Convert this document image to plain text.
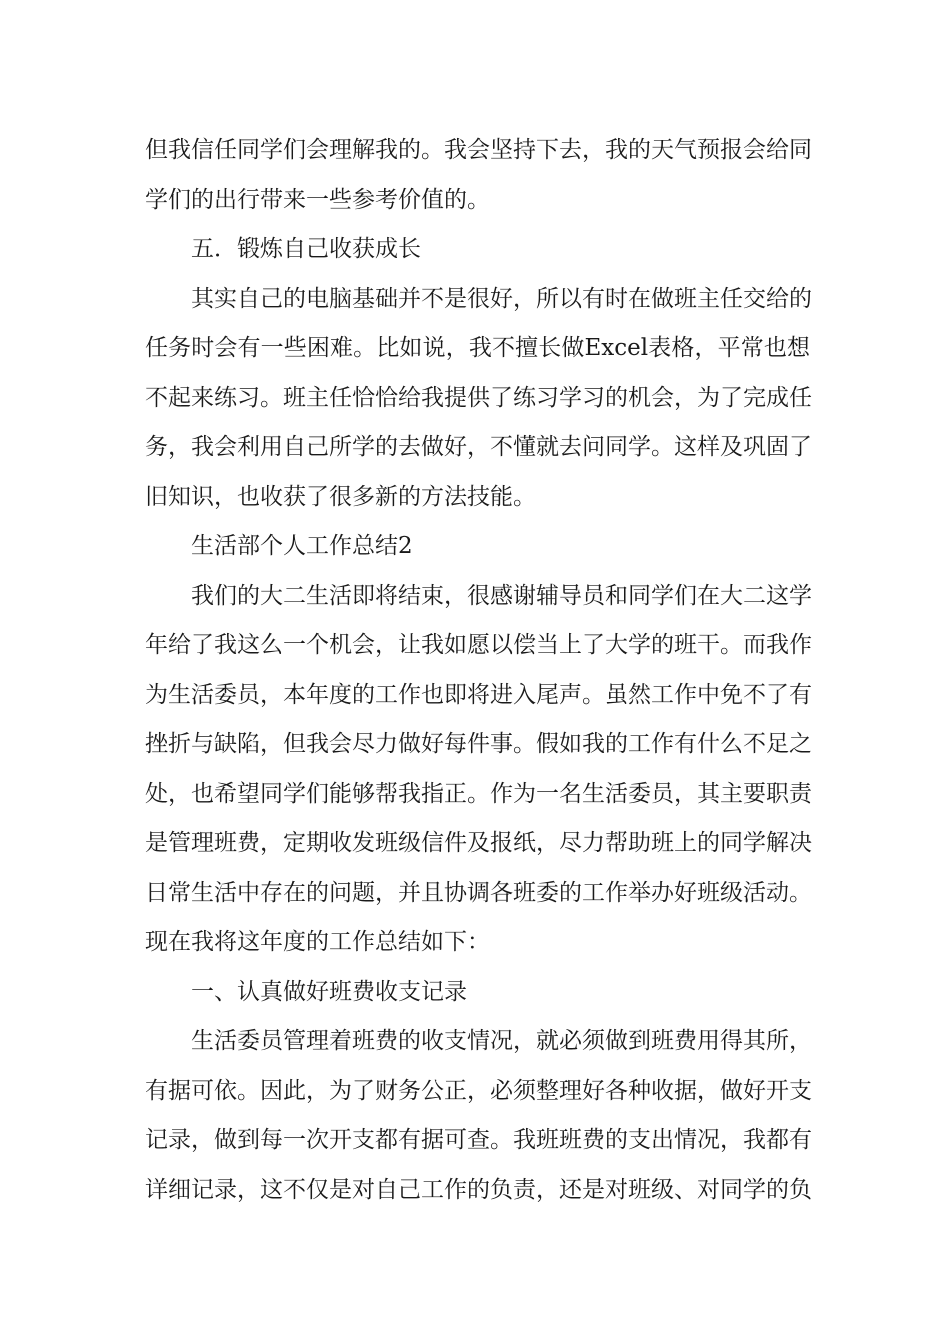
但我信任同学们会理解我的。我会坚持下去，我的天气预报会给同
学们的出行带来一些参考价值的。
五．锻炼自己收获成长
其实自己的电脑基础并不是很好，所以有时在做班主任交给的
任务时会有一些困难。比如说，我不擅长做Excel表格，平常也想
不起来练习。班主任恰恰给我提供了练习学习的机会，为了完成任
务，我会利用自己所学的去做好，不懂就去问同学。这样及巩固了
旧知识，也收获了很多新的方法技能。
生活部个人工作总结2
我们的大二生活即将结束，很感谢辅导员和同学们在大二这学
年给了我这么一个机会，让我如愿以偿当上了大学的班干。而我作
为生活委员，本年度的工作也即将进入尾声。虽然工作中免不了有
挫折与缺陷，但我会尽力做好每件事。假如我的工作有什么不足之
处，也希望同学们能够帮我指正。作为一名生活委员，其主要职责
是管理班费，定期收发班级信件及报纸，尽力帮助班上的同学解决
日常生活中存在的问题，并且协调各班委的工作举办好班级活动。
现在我将这年度的工作总结如下：
一、认真做好班费收支记录
生活委员管理着班费的收支情况，就必须做到班费用得其所，
有据可依。因此，为了财务公正，必须整理好各种收据，做好开支
记录，做到每一次开支都有据可查。我班班费的支出情况，我都有
详细记录，这不仅是对自己工作的负责，还是对班级、对同学的负
